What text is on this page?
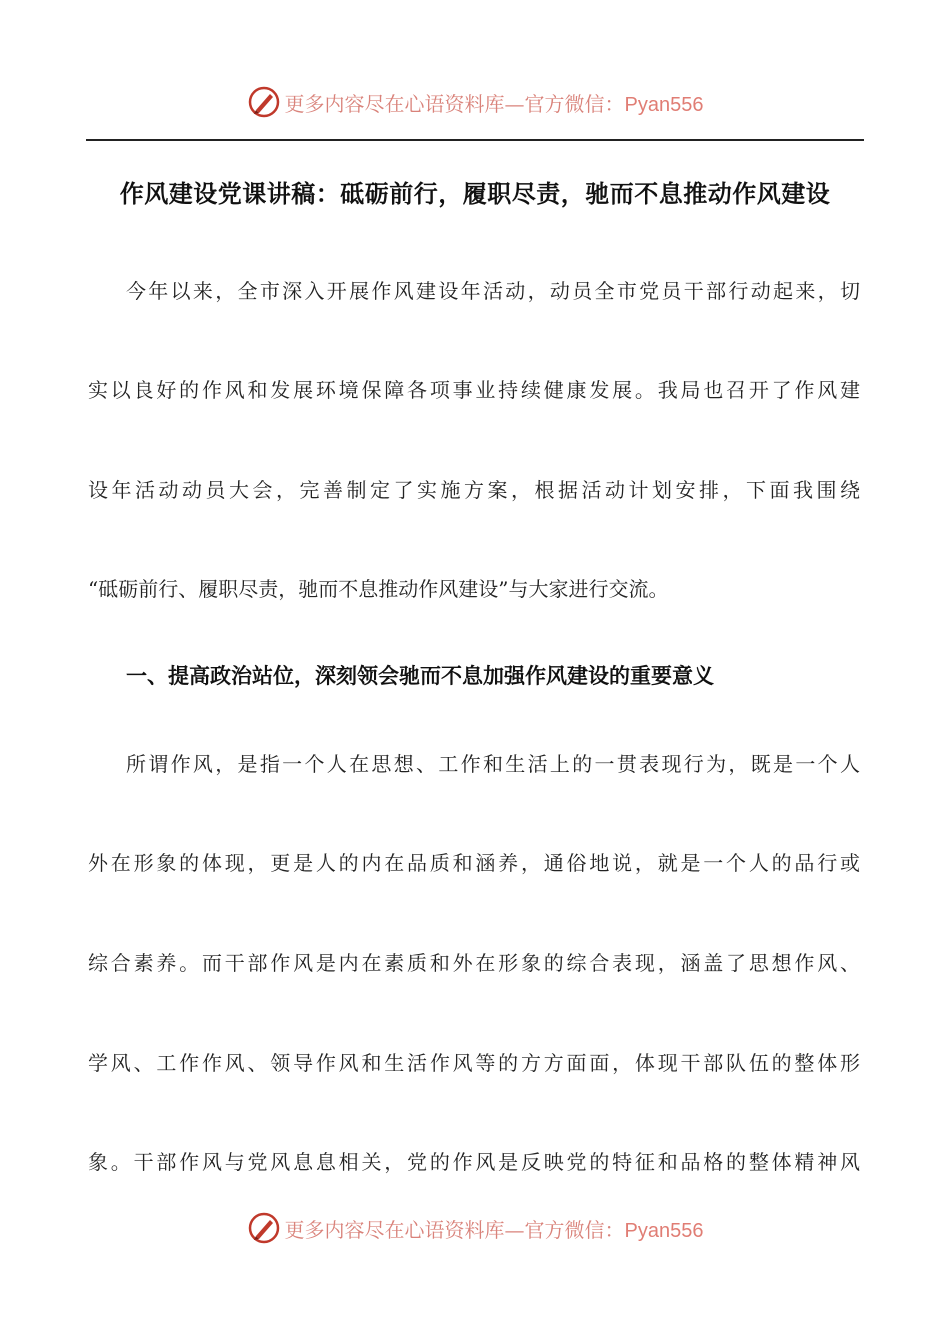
更多内容尽在心语资料库—官方微信：Pyan556
作风建设党课讲稿：砥砺前行，履职尽责，驰而不息推动作风建设
今年以来，全市深入开展作风建设年活动，动员全市党员干部行动起来，切
实以良好的作风和发展环境保障各项事业持续健康发展。我局也召开了作风建
设年活动动员大会，完善制定了实施方案，根据活动计划安排，下面我围绕
“砥砺前行、履职尽责，驰而不息推动作风建设”与大家进行交流。
一、提高政治站位，深刻领会驰而不息加强作风建设的重要意义
所谓作风，是指一个人在思想、工作和生活上的一贯表现行为，既是一个人
外在形象的体现，更是人的内在品质和涵养，通俗地说，就是一个人的品行或
综合素养。而干部作风是内在素质和外在形象的综合表现，涵盖了思想作风、
学风、工作作风、领导作风和生活作风等的方方面面，体现干部队伍的整体形
象。干部作风与党风息息相关，党的作风是反映党的特征和品格的整体精神风
更多内容尽在心语资料库—官方微信：Pyan556
